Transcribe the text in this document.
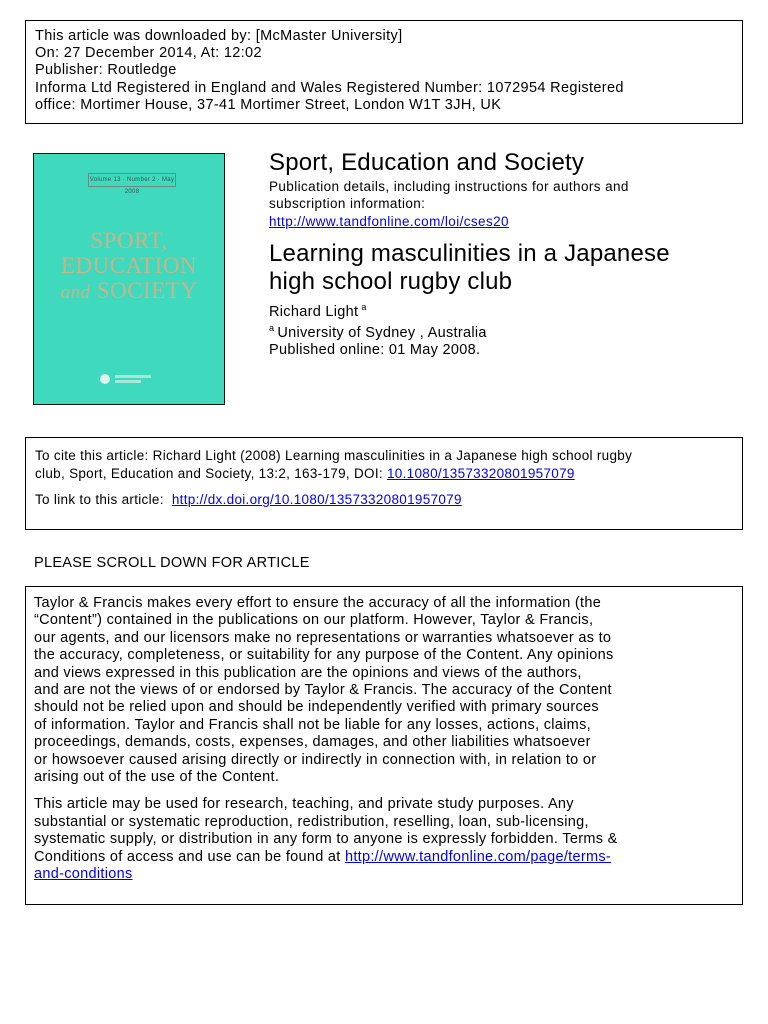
This article was downloaded by: [McMaster University]
On: 27 December 2014, At: 12:02
Publisher: Routledge
Informa Ltd Registered in England and Wales Registered Number: 1072954 Registered
office: Mortimer House, 37-41 Mortimer Street, London W1T 3JH, UK
Volume 13 · Number 2 · May 2008
SPORT,
EDUCATION
and SOCIETY
Sport, Education and Society
Publication details, including instructions for authors and
subscription information:
http://www.tandfonline.com/loi/cses20
Learning masculinities in a Japanese
high school rugby club
Richard Light $^a$
$^a$ University of Sydney , Australia
Published online: 01 May 2008.
To cite this article: Richard Light (2008) Learning masculinities in a Japanese high school rugby
club, Sport, Education and Society, 13:2, 163-179, DOI: 10.1080/13573320801957079
To link to this article: http://dx.doi.org/10.1080/13573320801957079
PLEASE SCROLL DOWN FOR ARTICLE
Taylor & Francis makes every effort to ensure the accuracy of all the information (the
“Content”) contained in the publications on our platform. However, Taylor & Francis,
our agents, and our licensors make no representations or warranties whatsoever as to
the accuracy, completeness, or suitability for any purpose of the Content. Any opinions
and views expressed in this publication are the opinions and views of the authors,
and are not the views of or endorsed by Taylor & Francis. The accuracy of the Content
should not be relied upon and should be independently verified with primary sources
of information. Taylor and Francis shall not be liable for any losses, actions, claims,
proceedings, demands, costs, expenses, damages, and other liabilities whatsoever
or howsoever caused arising directly or indirectly in connection with, in relation to or
arising out of the use of the Content.
This article may be used for research, teaching, and private study purposes. Any
substantial or systematic reproduction, redistribution, reselling, loan, sub-licensing,
systematic supply, or distribution in any form to anyone is expressly forbidden. Terms &
Conditions of access and use can be found at http://www.tandfonline.com/page/terms-
and-conditions
